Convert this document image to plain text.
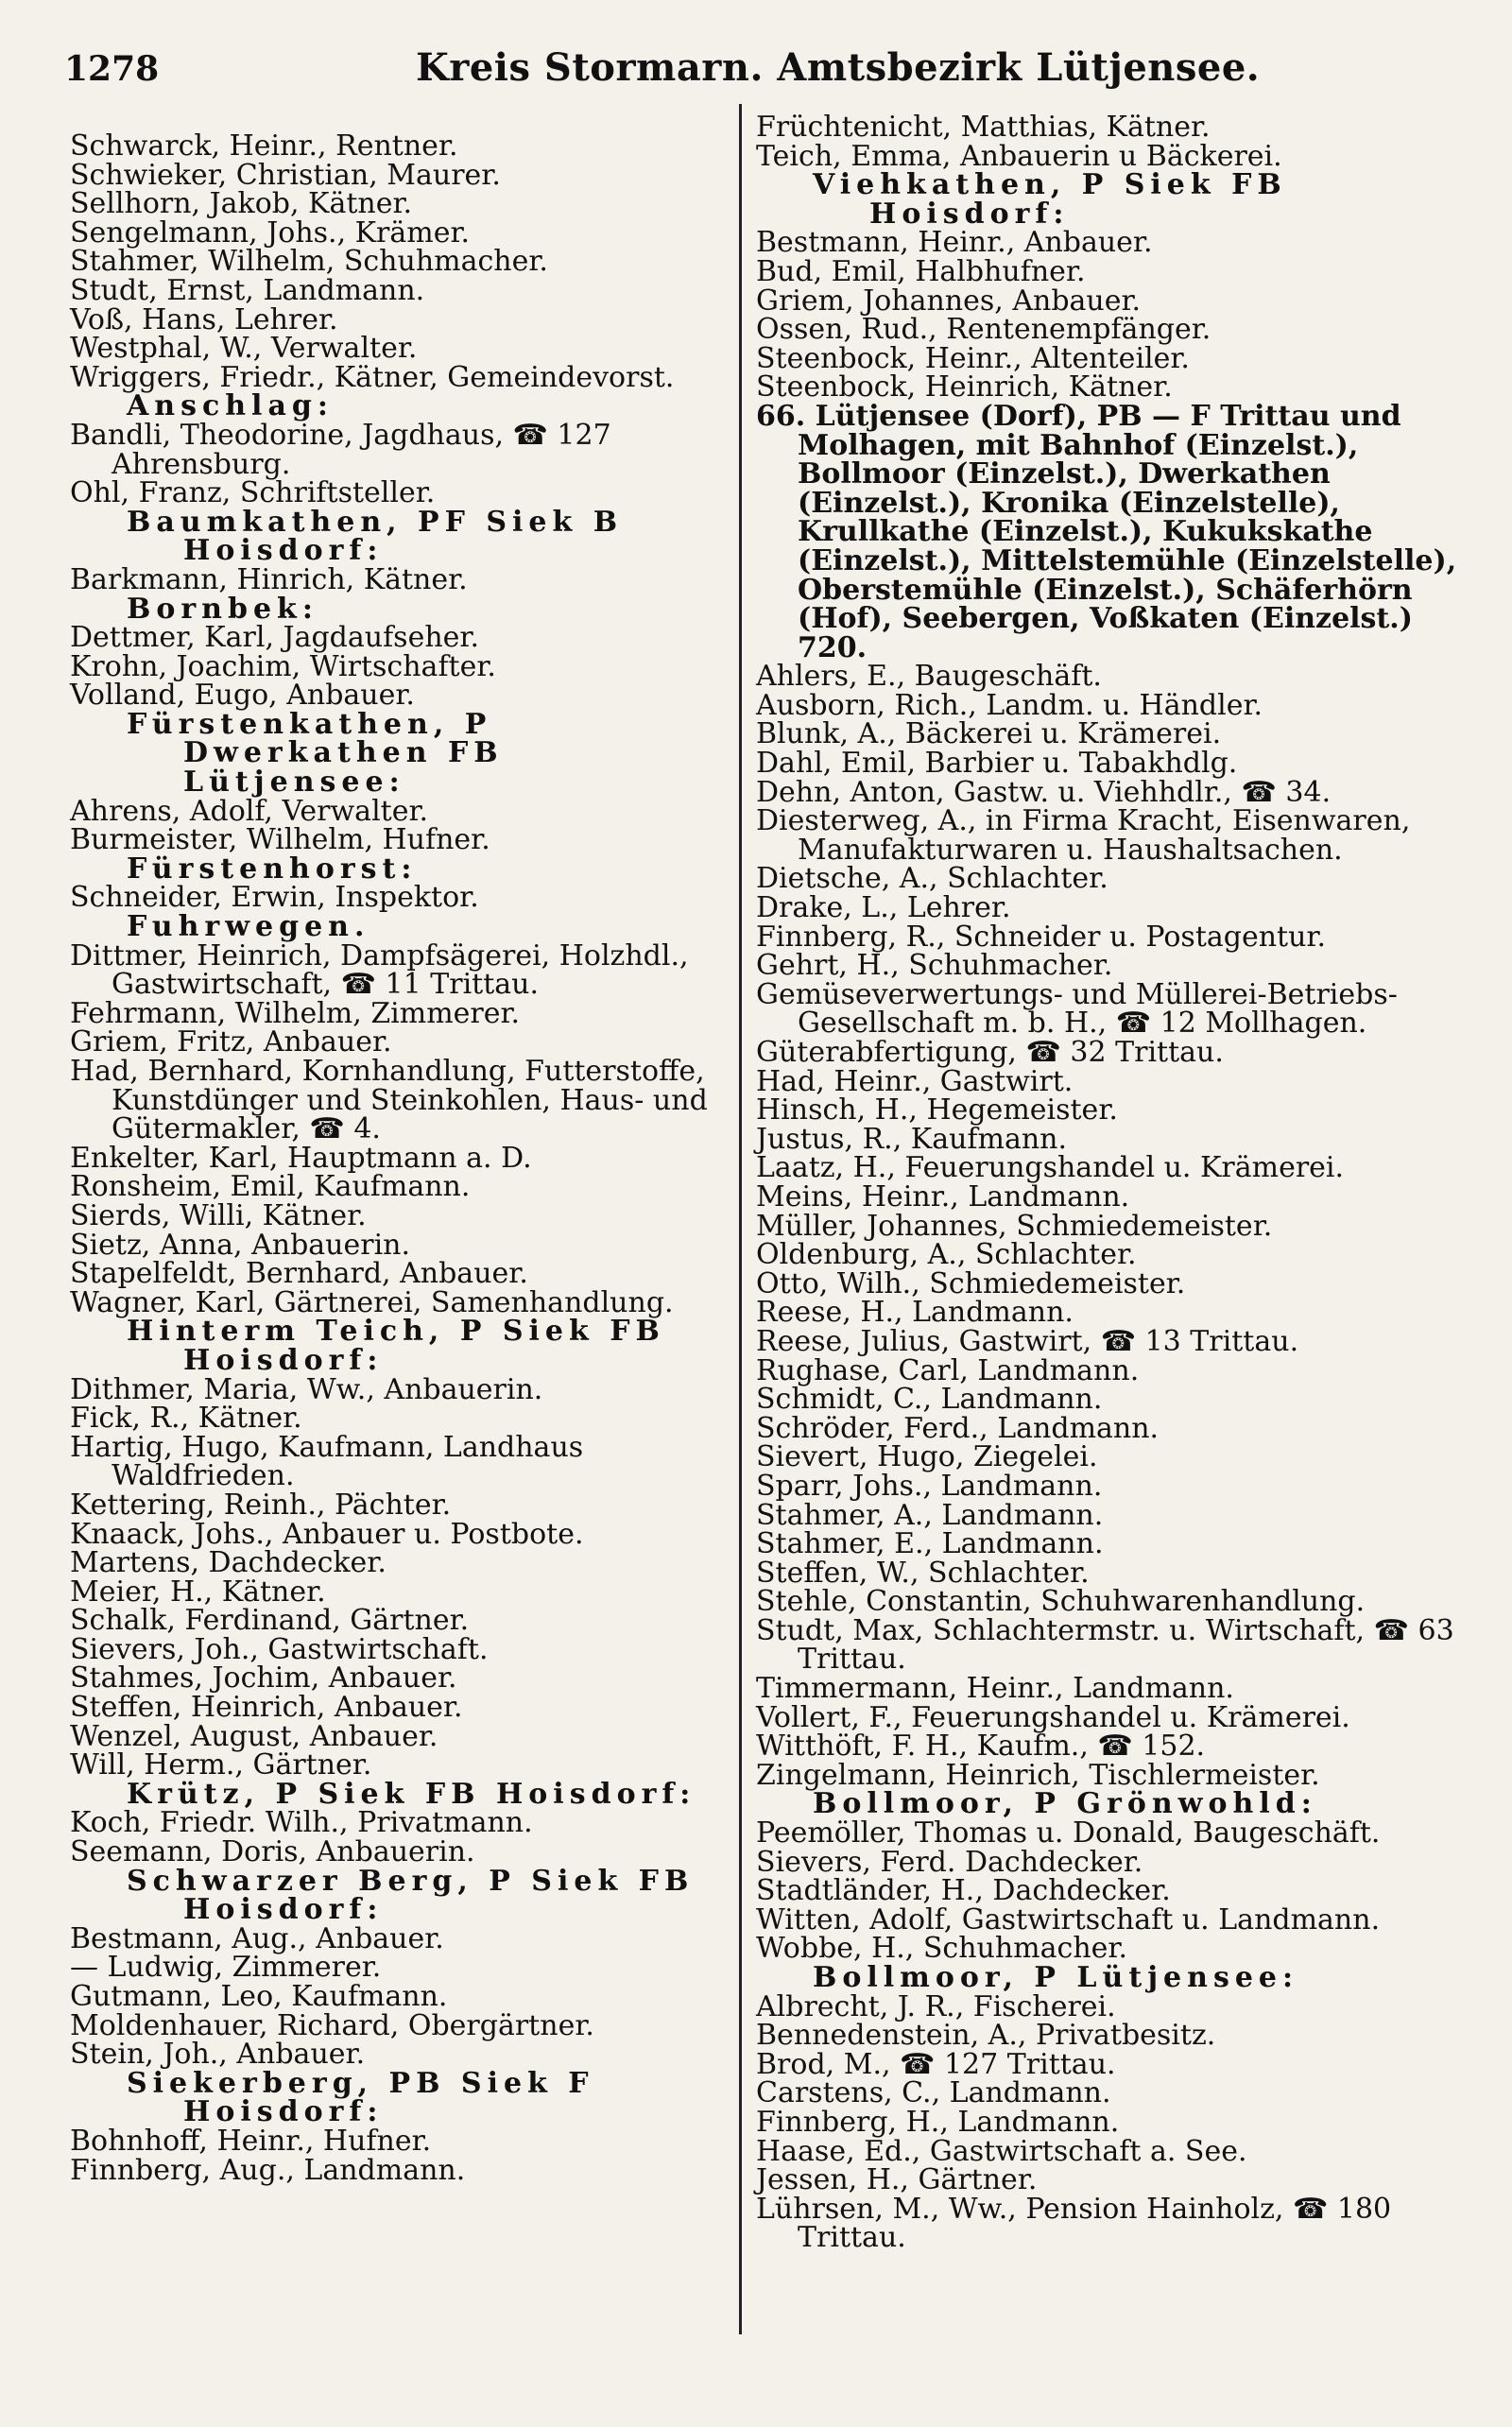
1278	Kreis Stormarn. Amtsbezirk Lütjensee.
Schwarck, Heinr., Rentner.
Schwieker, Christian, Maurer.
Sellhorn, Jakob, Kätner.
Sengelmann, Johs., Krämer.
Stahmer, Wilhelm, Schuhmacher.
Studt, Ernst, Landmann.
Voß, Hans, Lehrer.
Westphal, W., Verwalter.
Wriggers, Friedr., Kätner, Gemeindevorst.
Anschlag:
Bandli, Theodorine, Jagdhaus, ☎ 127 Ahrensburg.
Ohl, Franz, Schriftsteller.
Baumkathen, PF Siek B Hoisdorf:
Barkmann, Hinrich, Kätner.
Bornbek:
Dettmer, Karl, Jagdaufseher.
Krohn, Joachim, Wirtschafter.
Volland, Eugo, Anbauer.
Fürstenkathen, P Dwerkathen FB Lütjensee:
Ahrens, Adolf, Verwalter.
Burmeister, Wilhelm, Hufner.
Fürstenhorst:
Schneider, Erwin, Inspektor.
Fuhrwegen.
Dittmer, Heinrich, Dampfsägerei, Holzhdl., Gastwirtschaft, ☎ 11 Trittau.
Fehrmann, Wilhelm, Zimmerer.
Griem, Fritz, Anbauer.
Had, Bernhard, Kornhandlung, Futterstoffe, Kunstdünger und Steinkohlen, Haus- und Gütermakler, ☎ 4.
Enkelter, Karl, Hauptmann a. D.
Ronsheim, Emil, Kaufmann.
Sierds, Willi, Kätner.
Sietz, Anna, Anbauerin.
Stapelfeldt, Bernhard, Anbauer.
Wagner, Karl, Gärtnerei, Samenhandlung.
Hinterm Teich, P Siek FB Hoisdorf:
Dithmer, Maria, Ww., Anbauerin.
Fick, R., Kätner.
Hartig, Hugo, Kaufmann, Landhaus Waldfrieden.
Kettering, Reinh., Pächter.
Knaack, Johs., Anbauer u. Postbote.
Martens, Dachdecker.
Meier, H., Kätner.
Schalk, Ferdinand, Gärtner.
Sievers, Joh., Gastwirtschaft.
Stahmes, Jochim, Anbauer.
Steffen, Heinrich, Anbauer.
Wenzel, August, Anbauer.
Will, Herm., Gärtner.
Krütz, P Siek FB Hoisdorf:
Koch, Friedr. Wilh., Privatmann.
Seemann, Doris, Anbauerin.
Schwarzer Berg, P Siek FB Hoisdorf:
Bestmann, Aug., Anbauer.
— Ludwig, Zimmerer.
Gutmann, Leo, Kaufmann.
Moldenhauer, Richard, Obergärtner.
Stein, Joh., Anbauer.
Siekerberg, PB Siek F Hoisdorf:
Bohnhoff, Heinr., Hufner.
Finnberg, Aug., Landmann.
Früchtenicht, Matthias, Kätner.
Teich, Emma, Anbauerin u Bäckerei.
Viehkathen, P Siek FB Hoisdorf:
Bestmann, Heinr., Anbauer.
Bud, Emil, Halbhufner.
Griem, Johannes, Anbauer.
Ossen, Rud., Rentenempfänger.
Steenbock, Heinr., Altenteiler.
Steenbock, Heinrich, Kätner.
66. Lütjensee (Dorf), PB — F Trittau und Molhagen, mit Bahnhof (Einzelst.), Bollmoor (Einzelst.), Dwerkathen (Einzelst.), Kronika (Einzelstelle), Krullkathe (Einzelst.), Kukukskathe (Einzelst.), Mittelstemühle (Einzelstelle), Oberstemühle (Einzelst.), Schäferhörn (Hof), Seebergen, Voßkaten (Einzelst.) 720.
Ahlers, E., Baugeschäft.
Ausborn, Rich., Landm. u. Händler.
Blunk, A., Bäckerei u. Krämerei.
Dahl, Emil, Barbier u. Tabakhdlg.
Dehn, Anton, Gastw. u. Viehhdlr., ☎ 34.
Diesterweg, A., in Firma Kracht, Eisenwaren, Manufakturwaren u. Haushaltsachen.
Dietsche, A., Schlachter.
Drake, L., Lehrer.
Finnberg, R., Schneider u. Postagentur.
Gehrt, H., Schuhmacher.
Gemüseverwertungs- und Müllerei-Betriebs-Gesellschaft m. b. H., ☎ 12 Mollhagen.
Güterabfertigung, ☎ 32 Trittau.
Had, Heinr., Gastwirt.
Hinsch, H., Hegemeister.
Justus, R., Kaufmann.
Laatz, H., Feuerungshandel u. Krämerei.
Meins, Heinr., Landmann.
Müller, Johannes, Schmiedemeister.
Oldenburg, A., Schlachter.
Otto, Wilh., Schmiedemeister.
Reese, H., Landmann.
Reese, Julius, Gastwirt, ☎ 13 Trittau.
Rughase, Carl, Landmann.
Schmidt, C., Landmann.
Schröder, Ferd., Landmann.
Sievert, Hugo, Ziegelei.
Sparr, Johs., Landmann.
Stahmer, A., Landmann.
Stahmer, E., Landmann.
Steffen, W., Schlachter.
Stehle, Constantin, Schuhwarenhandlung.
Studt, Max, Schlachtermstr. u. Wirtschaft, ☎ 63 Trittau.
Timmermann, Heinr., Landmann.
Vollert, F., Feuerungshandel u. Krämerei.
Witthöft, F. H., Kaufm., ☎ 152.
Zingelmann, Heinrich, Tischlermeister.
Bollmoor, P Grönwohld:
Peemöller, Thomas u. Donald, Baugeschäft.
Sievers, Ferd. Dachdecker.
Stadtländer, H., Dachdecker.
Witten, Adolf, Gastwirtschaft u. Landmann.
Wobbe, H., Schuhmacher.
Bollmoor, P Lütjensee:
Albrecht, J. R., Fischerei.
Bennedenstein, A., Privatbesitz.
Brod, M., ☎ 127 Trittau.
Carstens, C., Landmann.
Finnberg, H., Landmann.
Haase, Ed., Gastwirtschaft a. See.
Jessen, H., Gärtner.
Lührsen, M., Ww., Pension Hainholz, ☎ 180 Trittau.
